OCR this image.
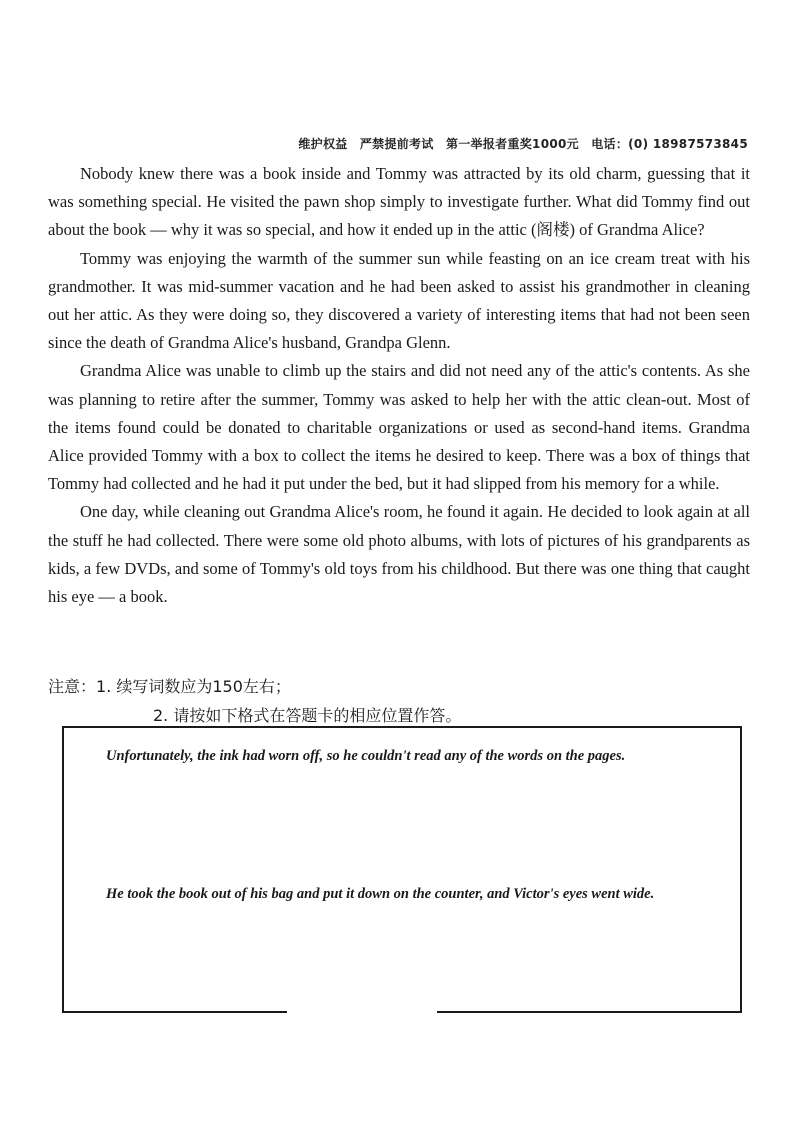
维护权益　严禁提前考试　第一举报者重奖1000元　电话：(0) 18987573845

Nobody knew there was a book inside and Tommy was attracted by its old charm, guessing that it was something special. He visited the pawn shop simply to investigate further. What did Tommy find out about the book — why it was so special, and how it ended up in the attic (阁楼) of Grandma Alice?

Tommy was enjoying the warmth of the summer sun while feasting on an ice cream treat with his grandmother. It was mid-summer vacation and he had been asked to assist his grandmother in cleaning out her attic. As they were doing so, they discovered a variety of interesting items that had not been seen since the death of Grandma Alice's husband, Grandpa Glenn.

Grandma Alice was unable to climb up the stairs and did not need any of the attic's contents. As she was planning to retire after the summer, Tommy was asked to help her with the attic clean-out. Most of the items found could be donated to charitable organizations or used as second-hand items. Grandma Alice provided Tommy with a box to collect the items he desired to keep. There was a box of things that Tommy had collected and he had it put under the bed, but it had slipped from his memory for a while.

One day, while cleaning out Grandma Alice's room, he found it again. He decided to look again at all the stuff he had collected. There were some old photo albums, with lots of pictures of his grandparents as kids, a few DVDs, and some of Tommy's old toys from his childhood. But there was one thing that caught his eye — a book.

注意：1. 续写词数应为150左右；
2. 请按如下格式在答题卡的相应位置作答。
Unfortunately, the ink had worn off, so he couldn't read any of the words on the pages.
He took the book out of his bag and put it down on the counter, and Victor's eyes went wide.
